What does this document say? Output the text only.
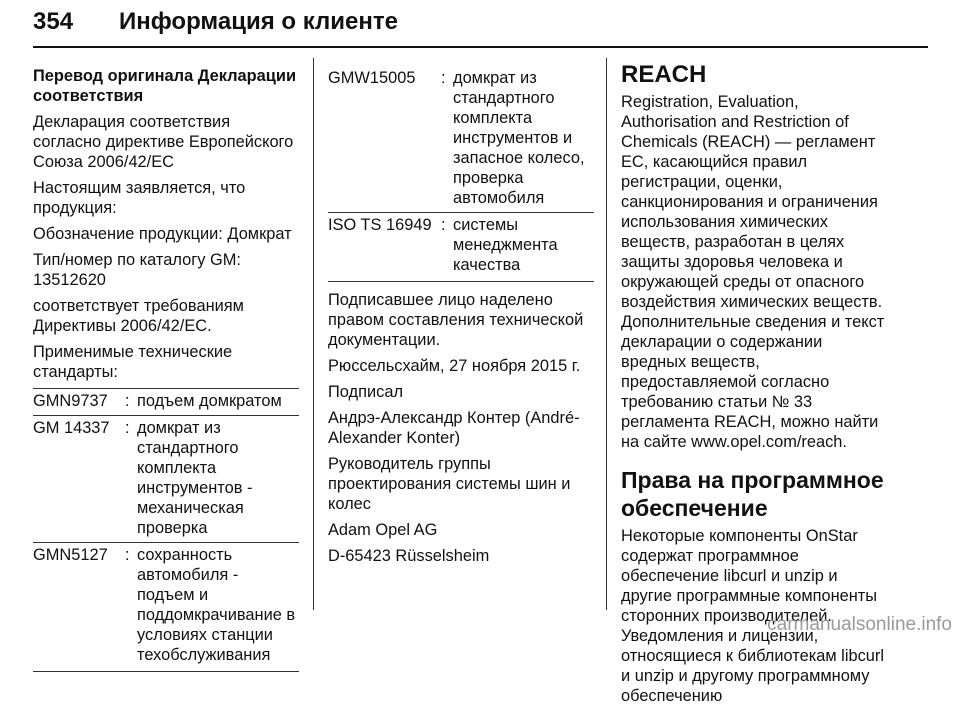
354 Информация о клиенте

Перевод оригинала Декларации соответствия

Декларация соответствия согласно директиве Европейского Союза 2006/42/EC

Настоящим заявляется, что продукция:

Обозначение продукции: Домкрат

Тип/номер по каталогу GM: 13512620

соответствует требованиям Директивы 2006/42/EC.

Применимые технические стандарты:

GMN9737	: подъем домкратом
GM 14337 : домкрат из стандартного комплекта инструментов - механическая проверка
GMN5127	: сохранность автомобиля - подъем и поддомкрачивание в условиях станции техобслуживания
GMW15005	: домкрат из стандартного комплекта инструментов и запасное колесо, проверка автомобиля
ISO TS 16949 : системы менеджмента качества

Подписавшее лицо наделено правом составления технической документации.

Рюссельсхайм, 27 ноября 2015 г.

Подписал

Андрэ-Александр Контер (André-Alexander Konter)

Руководитель группы проектирования системы шин и колес

Adam Opel AG

D-65423 Rüsselsheim

REACH

Registration, Evaluation, Authorisation and Restriction of Chemicals (REACH) — регламент ЕС, касающийся правил регистрации, оценки, санкционирования и ограничения использования химических веществ, разработан в целях защиты здоровья человека и окружающей среды от опасного воздействия химических веществ. Дополнительные сведения и текст декларации о содержании вредных веществ, предоставляемой согласно требованию статьи № 33 регламента REACH, можно найти на сайте www.opel.com/reach.

Права на программное обеспечение

Некоторые компоненты OnStar содержат программное обеспечение libcurl и unzip и другие программные компоненты сторонних производителей. Уведомления и лицензии, относящиеся к библиотекам libcurl и unzip и другому программному обеспечению

carmanualsonline.info
